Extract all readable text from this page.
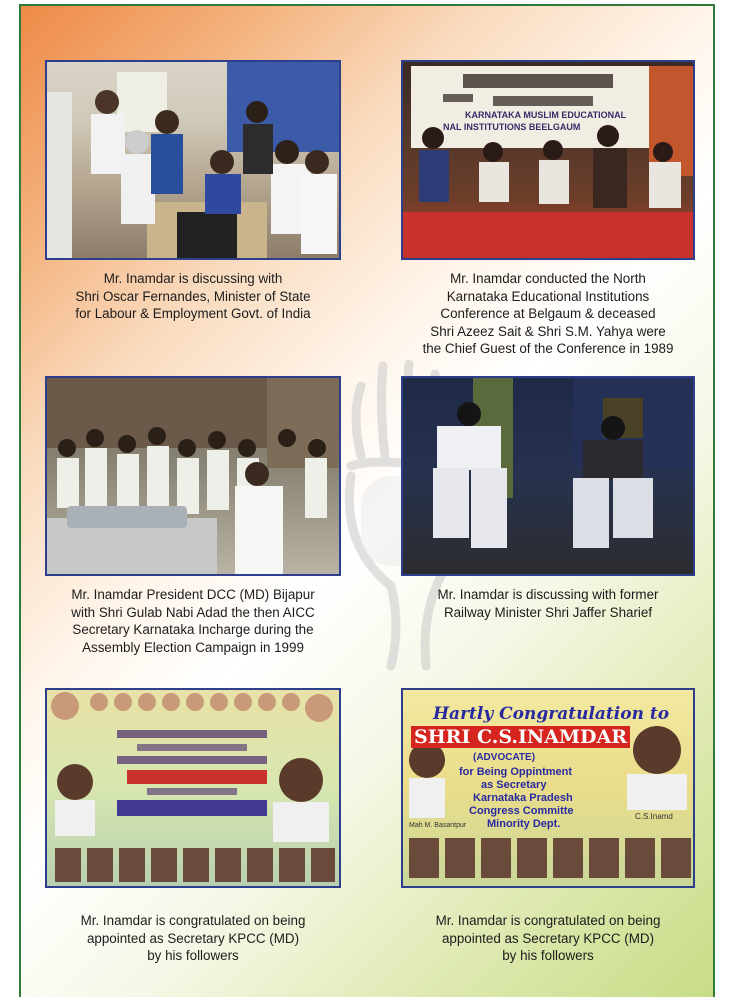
KARNATAKA MUSLIM EDUCATIONAL
NAL INSTITUTIONS BEELGAUM
Mr. Inamdar is discussing with
Shri Oscar Fernandes, Minister of State
for Labour & Employment Govt. of India
Mr. Inamdar conducted the North
Karnataka Educational Institutions
Conference at Belgaum & deceased
Shri Azeez Sait & Shri S.M. Yahya were
the Chief Guest of the Conference in 1989
Mr. Inamdar President DCC (MD) Bijapur
with Shri Gulab Nabi Adad the then AICC
Secretary Karnataka Incharge during the
Assembly Election Campaign in 1999
Mr. Inamdar is discussing with former
Railway Minister Shri Jaffer Sharief
Hartly Congratulation to
SHRI C.S.INAMDAR
(ADVOCATE)
for Being Oppintment
as Secretary
Karnataka Pradesh
Congress Committe
Minority Dept.
Mah M. Basantpur
C.S.Inamd
Mr. Inamdar is congratulated on being
appointed as Secretary KPCC (MD)
by his followers
Mr. Inamdar is congratulated on being
appointed as Secretary KPCC (MD)
by his followers
